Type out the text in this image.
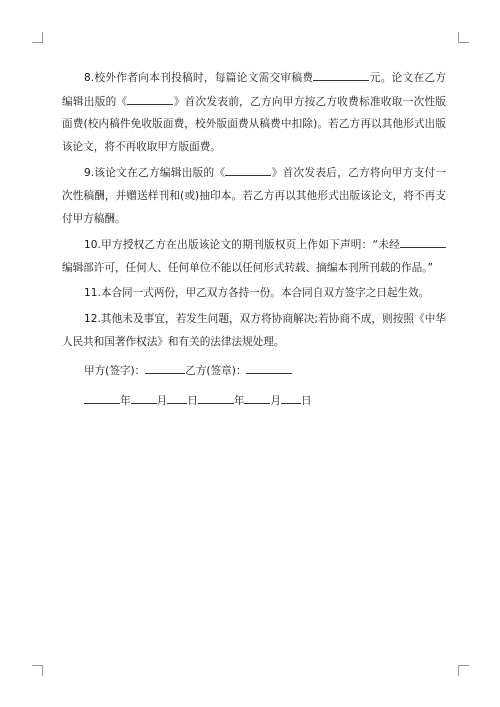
8.校外作者向本刊投稿时，每篇论文需交审稿费	元。论文在乙方编辑出版的《	》首次发表前，乙方向甲方按乙方收费标准收取一次性版面费(校内稿件免收版面费，校外版面费从稿费中扣除)。若乙方再以其他形式出版该论文，将不再收取甲方版面费。

9.该论文在乙方编辑出版的《	》首次发表后，乙方将向甲方支付一次性稿酬，并赠送样刊和(或)抽印本。若乙方再以其他形式出版该论文，将不再支付甲方稿酬。

10.甲方授权乙方在出版该论文的期刊版权页上作如下声明：“未经编辑部许可，任何人、任何单位不能以任何形式转载、摘编本刊所刊载的作品。”

11.本合同一式两份，甲乙双方各持一份。本合同自双方签字之日起生效。

12.其他未及事宜，若发生问题，双方将协商解决;若协商不成，则按照《中华人民共和国著作权法》和有关的法律法规处理。

甲方(签字)：	乙方(签章)：

年 月 日	年 月 日
